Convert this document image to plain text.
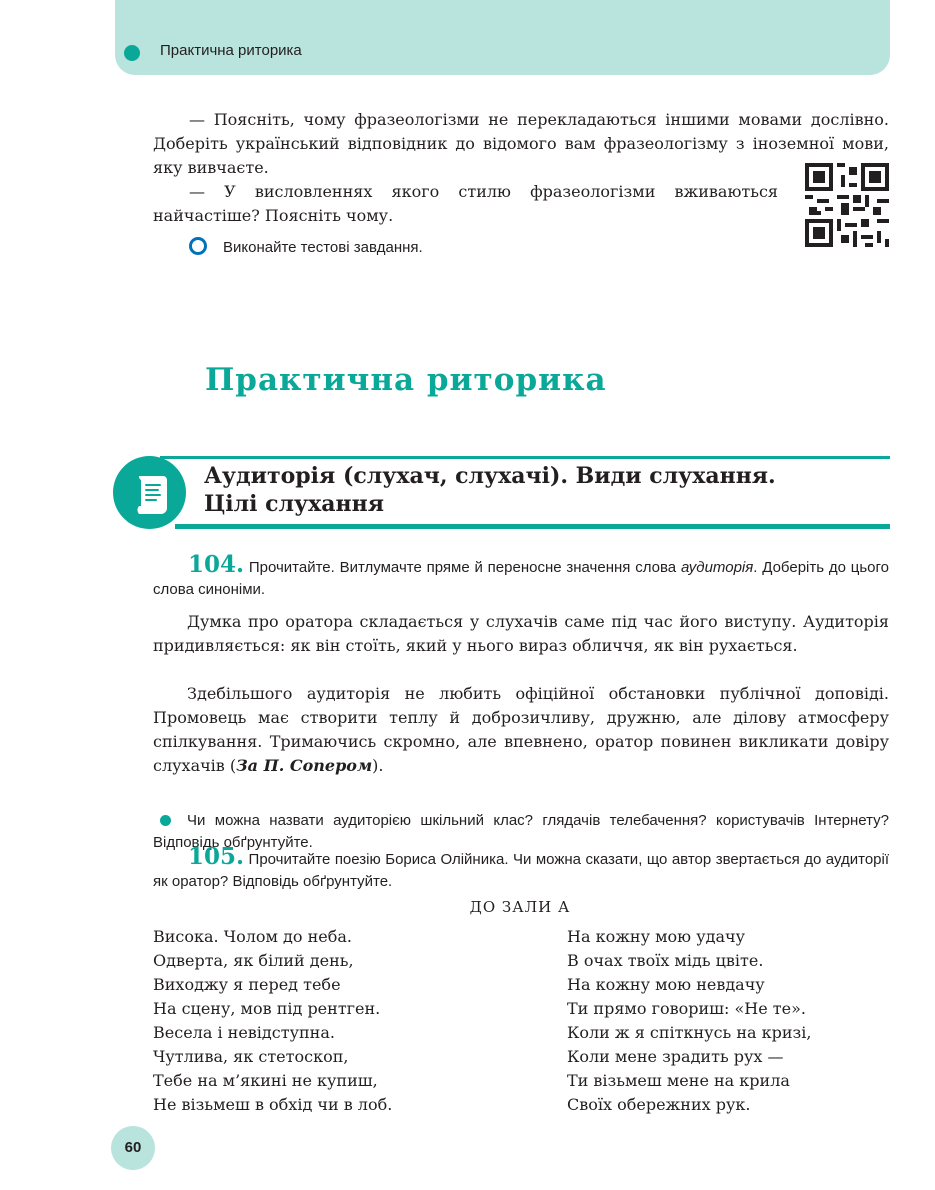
Практична риторика

— Поясніть, чому фразеологізми не перекладаються іншими мовами дослівно. Доберіть український відповідник до відомого вам фразеологізму з іноземної мови, яку вивчаєте.

— У висловленнях якого стилю фразеологізми вживаються найчастіше? Поясніть чому.

Виконайте тестові завдання.
Практична риторика
Аудиторія (слухач, слухачі). Види слухання.
Цілі слухання

104. Прочитайте. Витлумачте пряме й переносне значення слова аудиторія. Доберіть до цього слова синоніми.

Думка про оратора складається у слухачів саме під час його виступу. Аудиторія придивляється: як він стоїть, який у нього вираз обличчя, як він рухається.

Здебільшого аудиторія не любить офіційної обстановки публічної доповіді. Промовець має створити теплу й доброзичливу, дружню, але ділову атмосферу спілкування. Тримаючись скромно, але впевнено, оратор повинен викликати довіру слухачів (За П. Сопером).

Чи можна назвати аудиторією шкільний клас? глядачів телебачення? користувачів Інтернету? Відповідь обґрунтуйте.

105. Прочитайте поезію Бориса Олійника. Чи можна сказати, що автор звертається до аудиторії як оратор? Відповідь обґрунтуйте.

ДО ЗАЛИ А

Висока. Чолом до неба.
Одверта, як білий день,
Виходжу я перед тебе
На сцену, мов під рентген.
Весела і невідступна.
Чутлива, як стетоскоп,
Тебе на м’якині не купиш,
Не візьмеш в обхід чи в лоб.
На кожну мою удачу
В очах твоїх мідь цвіте.
На кожну мою невдачу
Ти прямо говориш: «Не те».
Коли ж я спіткнусь на кризі,
Коли мене зрадить рух —
Ти візьмеш мене на крила
Своїх обережних рук.
60
